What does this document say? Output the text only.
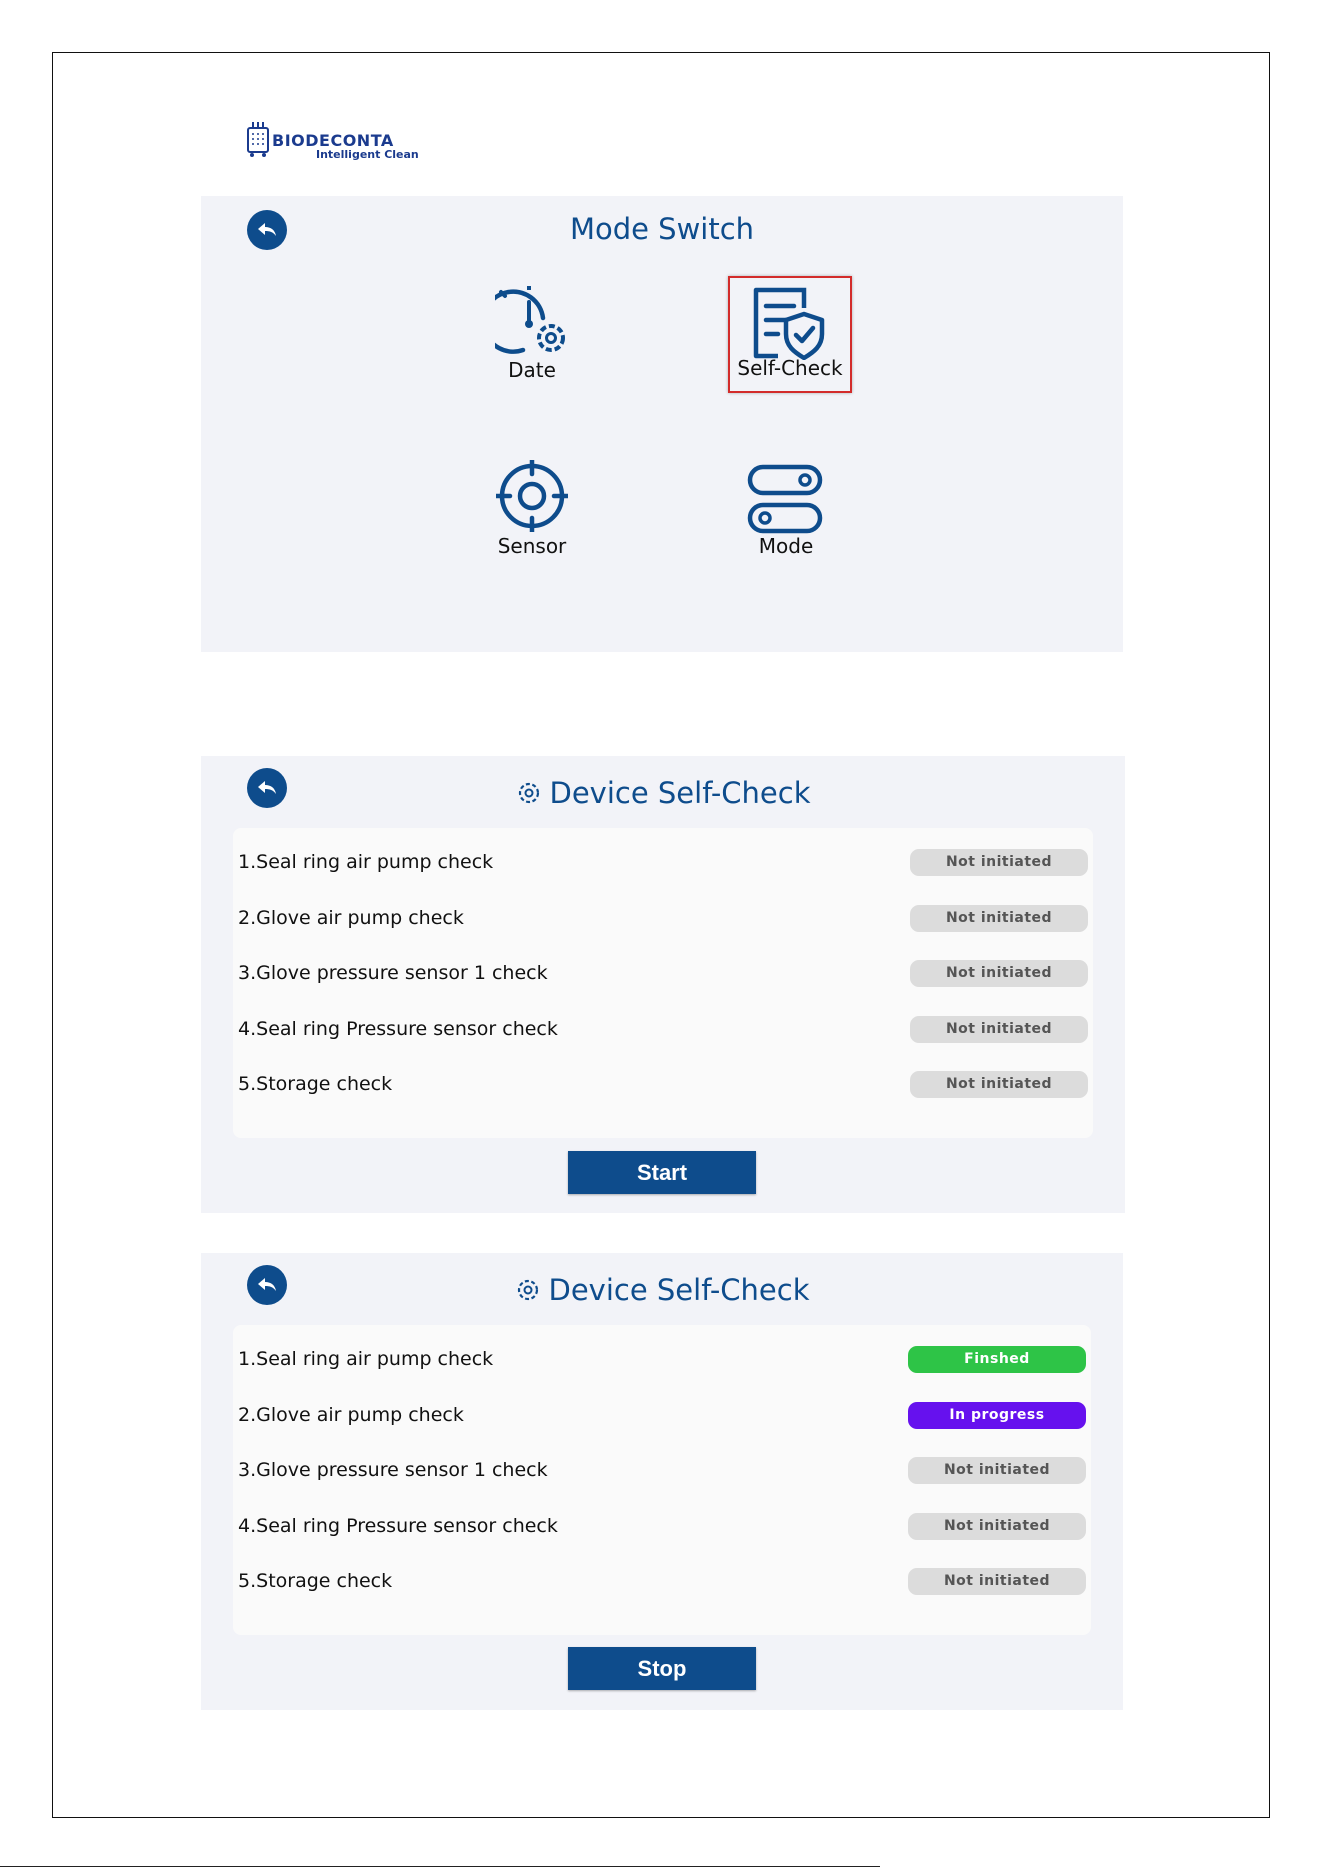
BIODECONTA
Intelligent Clean
Mode Switch
Date	Self-Check
Sensor	Mode
Device Self-Check
1.Seal ring air pump check	Not initiated
2.Glove air pump check	Not initiated
3.Glove pressure sensor 1 check	Not initiated
4.Seal ring Pressure sensor check	Not initiated
5.Storage check	Not initiated
Start
Device Self-Check
1.Seal ring air pump check	Finshed
2.Glove air pump check	In progress
3.Glove pressure sensor 1 check	Not initiated
4.Seal ring Pressure sensor check	Not initiated
5.Storage check	Not initiated
Stop
